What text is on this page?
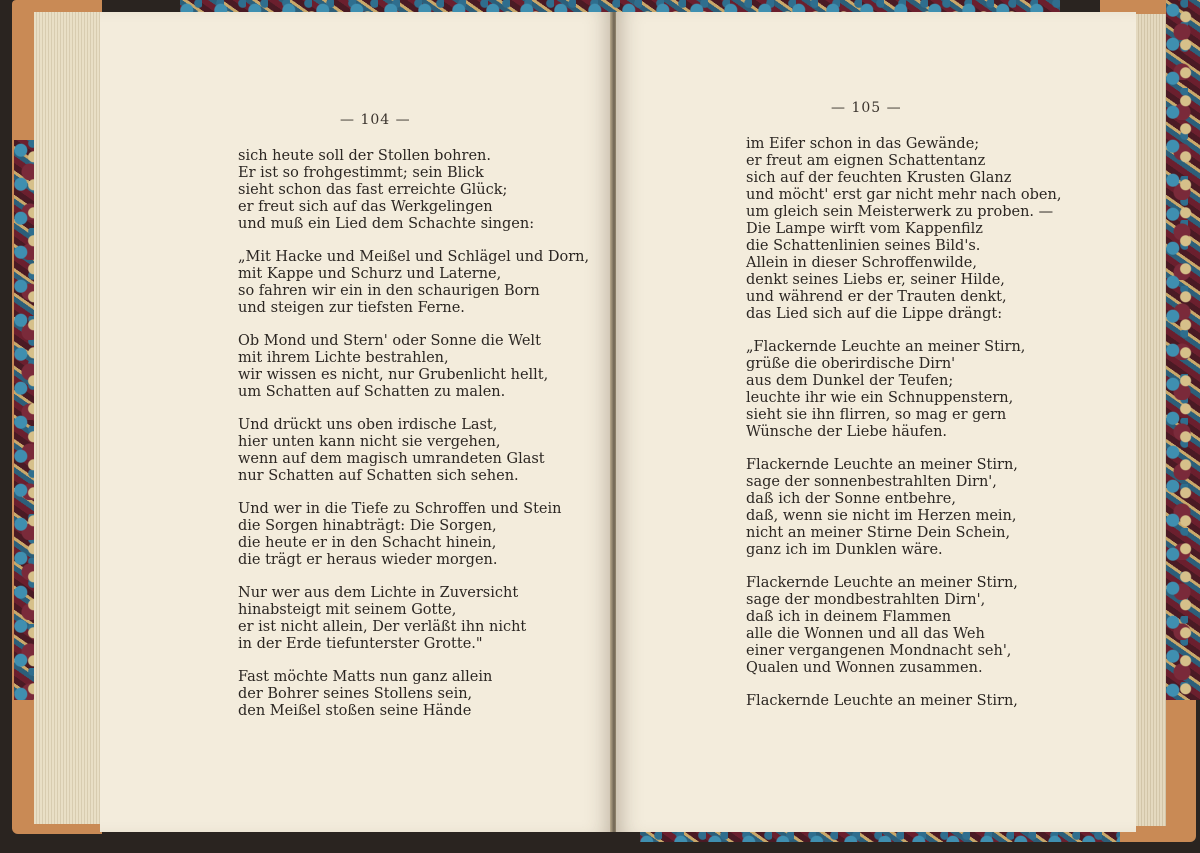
— 104 —
sich heute soll der Stollen bohren.
Er ist so frohgestimmt; sein Blick
sieht schon das fast erreichte Glück;
er freut sich auf das Werkgelingen
und muß ein Lied dem Schachte singen:
„Mit Hacke und Meißel und Schlägel und Dorn,
mit Kappe und Schurz und Laterne,
so fahren wir ein in den schaurigen Born
und steigen zur tiefsten Ferne.
Ob Mond und Stern' oder Sonne die Welt
mit ihrem Lichte bestrahlen,
wir wissen es nicht, nur Grubenlicht hellt,
um Schatten auf Schatten zu malen.
Und drückt uns oben irdische Last,
hier unten kann nicht sie vergehen,
wenn auf dem magisch umrandeten Glast
nur Schatten auf Schatten sich sehen.
Und wer in die Tiefe zu Schroffen und Stein
die Sorgen hinabträgt: Die Sorgen,
die heute er in den Schacht hinein,
die trägt er heraus wieder morgen.
Nur wer aus dem Lichte in Zuversicht
hinabsteigt mit seinem Gotte,
er ist nicht allein, Der verläßt ihn nicht
in der Erde tiefunterster Grotte."
Fast möchte Matts nun ganz allein
der Bohrer seines Stollens sein,
den Meißel stoßen seine Hände
— 105 —
im Eifer schon in das Gewände;
er freut am eignen Schattentanz
sich auf der feuchten Krusten Glanz
und möcht' erst gar nicht mehr nach oben,
um gleich sein Meisterwerk zu proben. —
Die Lampe wirft vom Kappenfilz
die Schattenlinien seines Bild's.
Allein in dieser Schroffenwilde,
denkt seines Liebs er, seiner Hilde,
und während er der Trauten denkt,
das Lied sich auf die Lippe drängt:
„Flackernde Leuchte an meiner Stirn,
grüße die oberirdische Dirn'
aus dem Dunkel der Teufen;
leuchte ihr wie ein Schnuppenstern,
sieht sie ihn flirren, so mag er gern
Wünsche der Liebe häufen.
Flackernde Leuchte an meiner Stirn,
sage der sonnenbestrahlten Dirn',
daß ich der Sonne entbehre,
daß, wenn sie nicht im Herzen mein,
nicht an meiner Stirne Dein Schein,
ganz ich im Dunklen wäre.
Flackernde Leuchte an meiner Stirn,
sage der mondbestrahlten Dirn',
daß ich in deinem Flammen
alle die Wonnen und all das Weh
einer vergangenen Mondnacht seh',
Qualen und Wonnen zusammen.
Flackernde Leuchte an meiner Stirn,
